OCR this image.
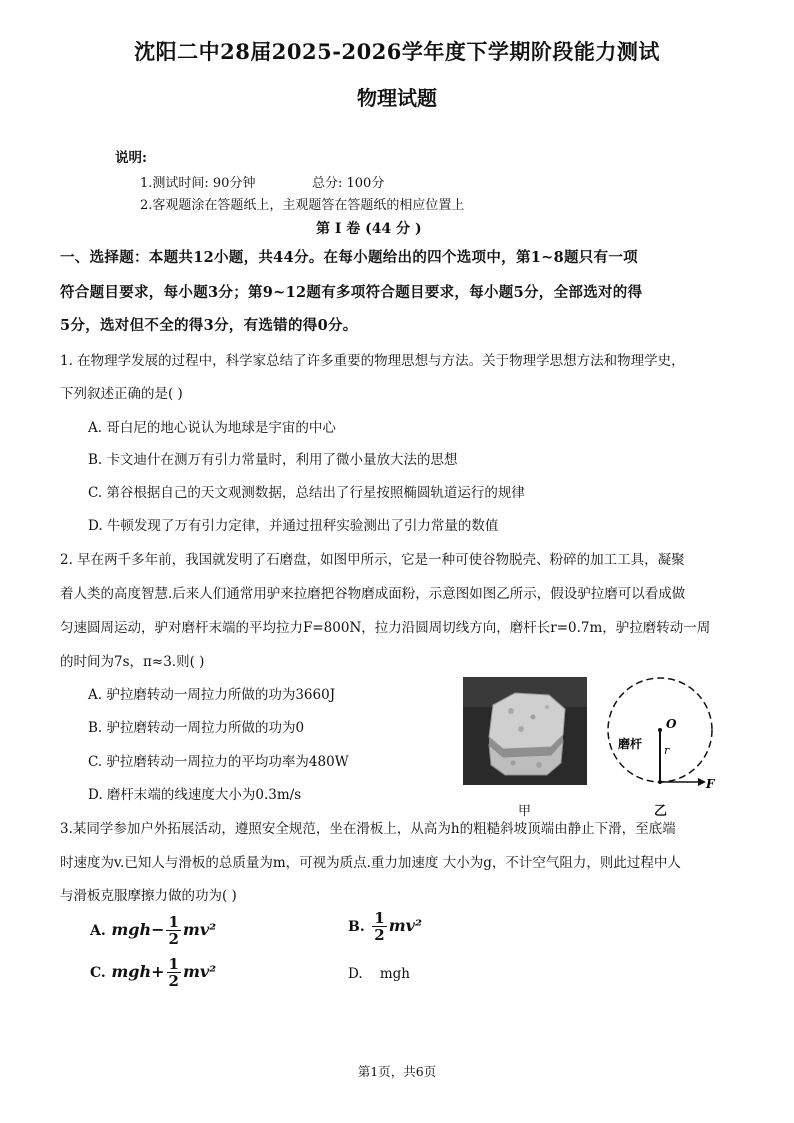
沈阳二中28届2025-2026学年度下学期阶段能力测试
物理试题
说明:
1.测试时间: 90分钟	总分: 100分
2.客观题涂在答题纸上，主观题答在答题纸的相应位置上
第 I 卷 (44 分 )
一、选择题：本题共12小题，共44分。在每小题给出的四个选项中，第1~8题只有一项
符合题目要求，每小题3分；第9~12题有多项符合题目要求，每小题5分，全部选对的得
5分，选对但不全的得3分，有选错的得0分。
1. 在物理学发展的过程中，科学家总结了许多重要的物理思想与方法。关于物理学思想方法和物理学史，
下列叙述正确的是( )
A. 哥白尼的地心说认为地球是宇宙的中心
B. 卡文迪什在测万有引力常量时，利用了微小量放大法的思想
C. 第谷根据自己的天文观测数据，总结出了行星按照椭圆轨道运行的规律
D. 牛顿发现了万有引力定律，并通过扭秤实验测出了引力常量的数值
2. 早在两千多年前，我国就发明了石磨盘，如图甲所示，它是一种可使谷物脱壳、粉碎的加工工具，凝聚
着人类的高度智慧.后来人们通常用驴来拉磨把谷物磨成面粉，示意图如图乙所示，假设驴拉磨可以看成做
匀速圆周运动，驴对磨杆末端的平均拉力F=800N，拉力沿圆周切线方向，磨杆长r=0.7m，驴拉磨转动一周
的时间为7s，π≈3.则( )
A. 驴拉磨转动一周拉力所做的功为3660J
B. 驴拉磨转动一周拉力所做的功为0
C. 驴拉磨转动一周拉力的平均功率为480W
D. 磨杆末端的线速度大小为0.3m/s
甲
O
磨杆 r
F
乙
3.某同学参加户外拓展活动，遵照安全规范，坐在滑板上，从高为h的粗糙斜坡顶端由静止下滑，至底端
时速度为v.已知人与滑板的总质量为m，可视为质点.重力加速度 大小为g，不计空气阻力，则此过程中人
与滑板克服摩擦力做的功为( )
A. $mgh- \frac{1}{2} mv^2$	B. $\frac{1}{2} mv^2$
C. $mgh+ \frac{1}{2} mv^2$	D. mgh
第1页，共6页
